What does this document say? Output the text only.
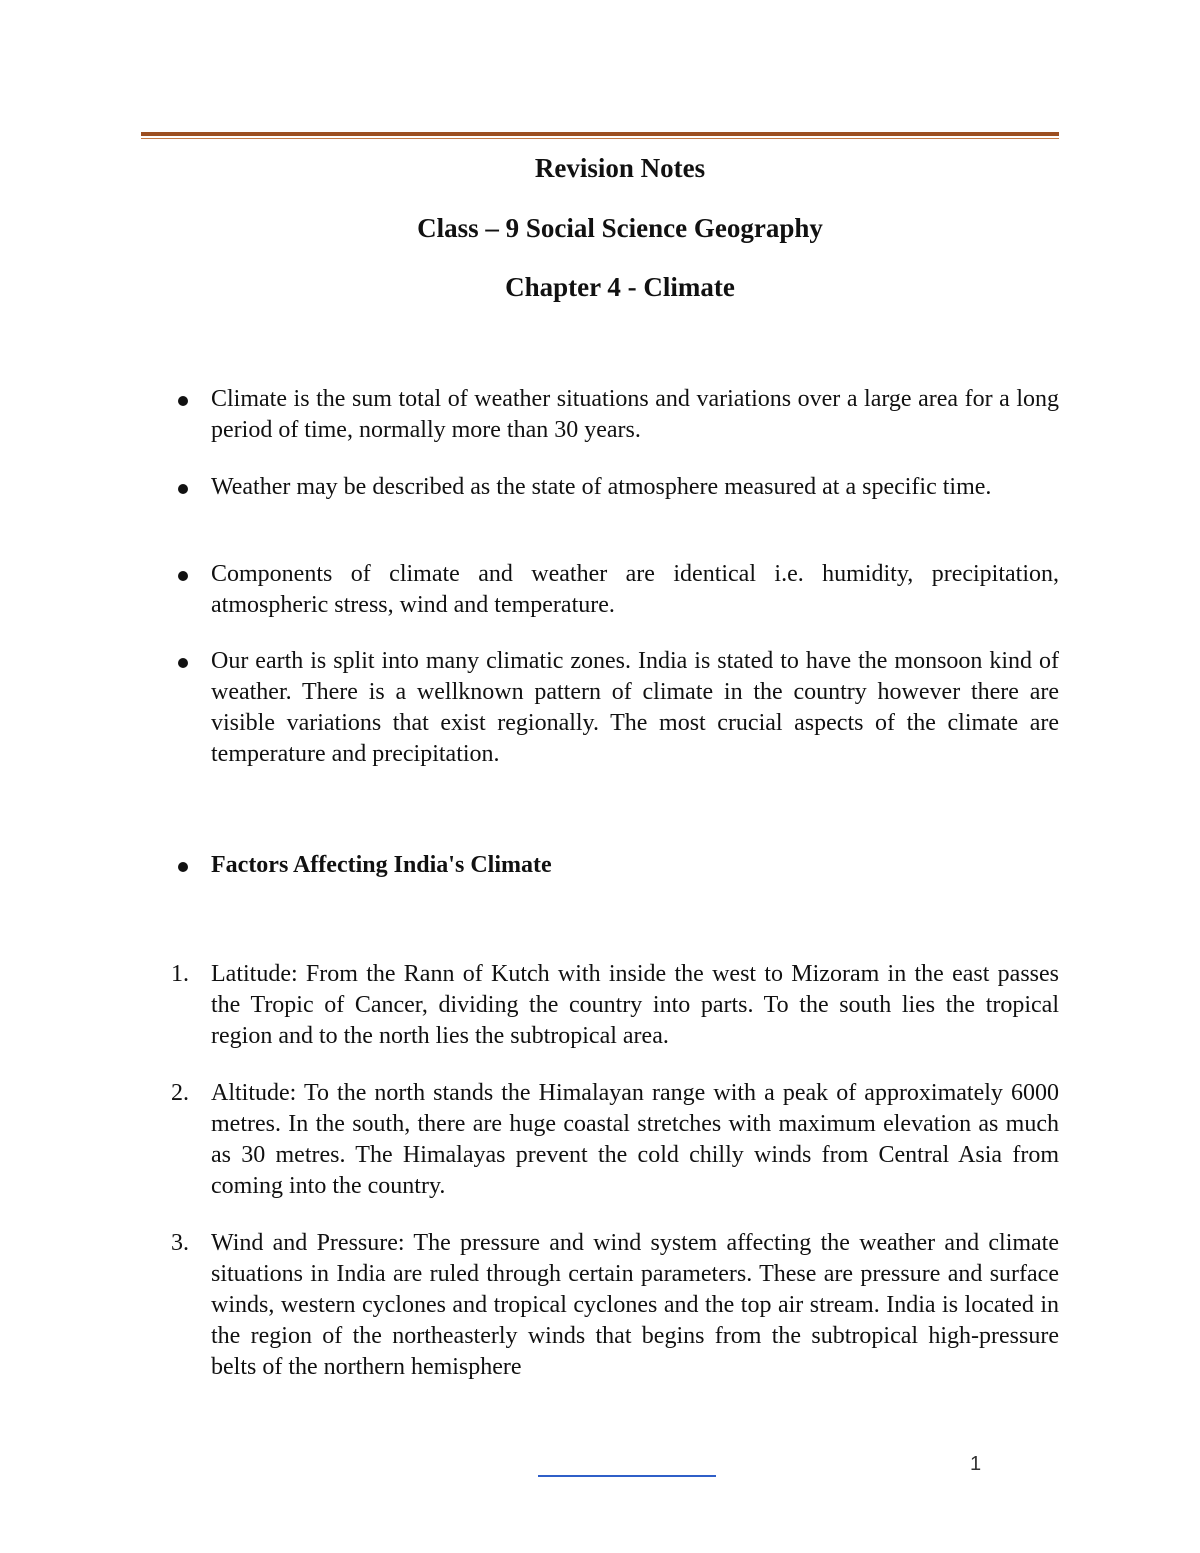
Revision Notes
Class – 9 Social Science Geography
Chapter 4 - Climate
Climate is the sum total of weather situations and variations over a large area for a long period of time, normally more than 30 years.
Weather may be described as the state of atmosphere measured at a specific time.
Components of climate and weather are identical i.e. humidity, precipitation, atmospheric stress, wind and temperature.
Our earth is split into many climatic zones. India is stated to have the monsoon kind of weather. There is a wellknown pattern of climate in the country however there are visible variations that exist regionally. The most crucial aspects of the climate are temperature and precipitation.
Factors Affecting India's Climate
1. Latitude: From the Rann of Kutch with inside the west to Mizoram in the east passes the Tropic of Cancer, dividing the country into parts. To the south lies the tropical region and to the north lies the subtropical area.
2. Altitude: To the north stands the Himalayan range with a peak of approximately 6000 metres. In the south, there are huge coastal stretches with maximum elevation as much as 30 metres. The Himalayas prevent the cold chilly winds from Central Asia from coming into the country.
3. Wind and Pressure: The pressure and wind system affecting the weather and climate situations in India are ruled through certain parameters. These are pressure and surface winds, western cyclones and tropical cyclones and the top air stream. India is located in the region of the northeasterly winds that begins from the subtropical high-pressure belts of the northern hemisphere
1
